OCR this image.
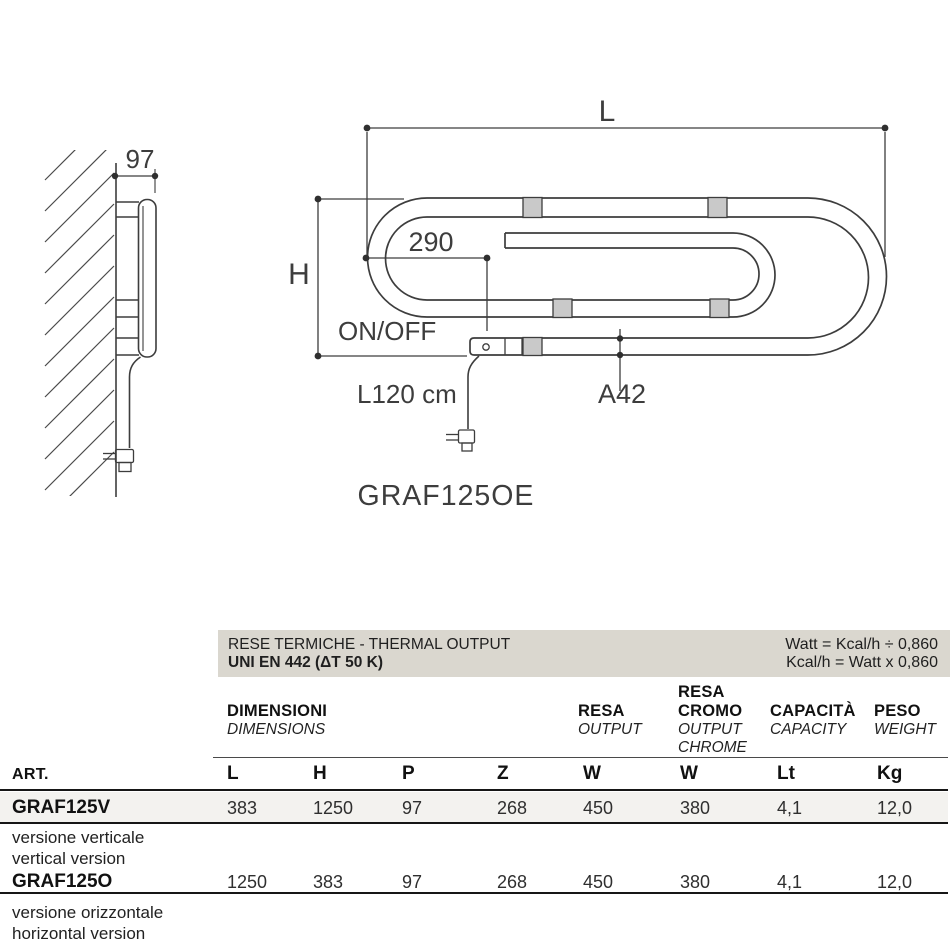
97
L
H
290
A42
ON/OFF
L120 cm
GRAF125OE
RESE TERMICHE - THERMAL OUTPUT
UNI EN 442 (ΔT 50 K)
Watt = Kcal/h ÷ 0,860
Kcal/h = Watt x 0,860
DIMENSIONI
DIMENSIONS
RESA
OUTPUT
RESA
CROMO
OUTPUT
CHROME
CAPACITÀ
CAPACITY
PESO
WEIGHT
ART.	L	H	P	Z	W	W	Lt	Kg
GRAF125V	383	1250	97	268	450	380	4,1	12,0
versione verticale
vertical version
GRAF125O	1250	383	97	268	450	380	4,1	12,0
versione orizzontale
horizontal version
